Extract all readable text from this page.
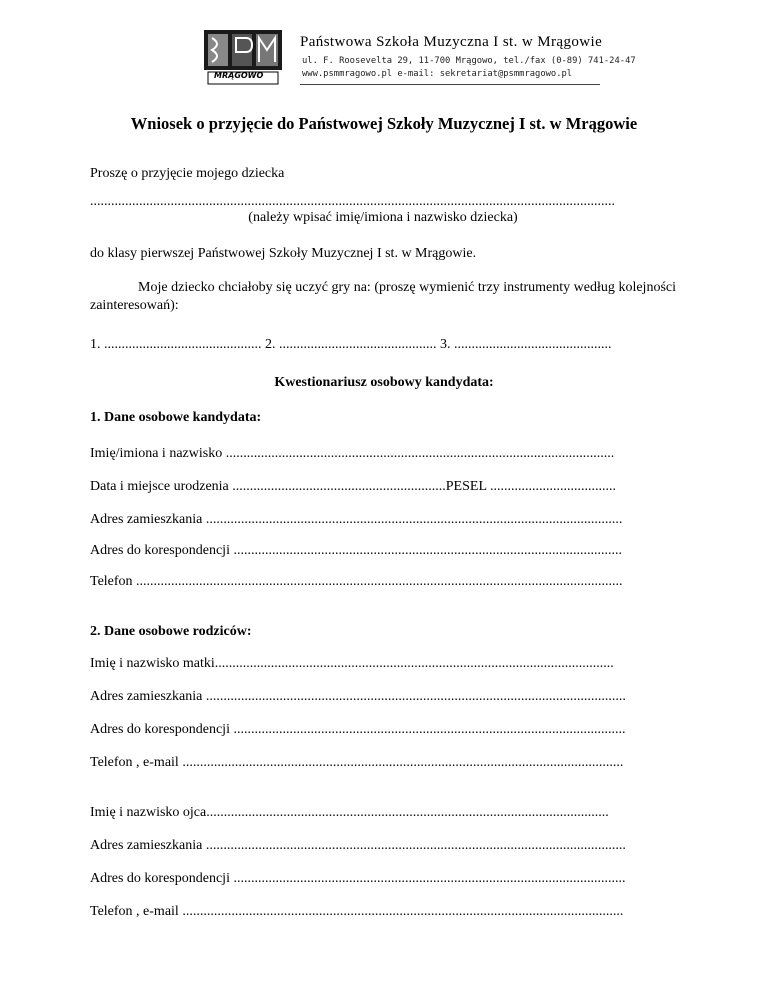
MRĄGOWO
Państwowa Szkoła Muzyczna I st. w Mrągowie
ul. F. Roosevelta 29, 11-700 Mrągowo, tel./fax (0-89) 741-24-47
www.psmmragowo.pl e-mail: sekretariat@psmmragowo.pl
Wniosek o przyjęcie do Państwowej Szkoły Muzycznej I st. w Mrągowie
Proszę o przyjęcie mojego dziecka
......................................................................................................................................................
(należy wpisać imię/imiona i nazwisko dziecka)
do klasy pierwszej Państwowej Szkoły Muzycznej I st. w Mrągowie.
Moje dziecko chciałoby się uczyć gry na: (proszę wymienić trzy instrumenty według kolejności zainteresowań):
1. ............................................. 2. ............................................. 3. .............................................
Kwestionariusz osobowy kandydata:
1. Dane osobowe kandydata:
Imię/imiona i nazwisko ...............................................................................................................
Data i miejsce urodzenia .............................................................PESEL ....................................
Adres zamieszkania .......................................................................................................................
Adres do korespondencji ...............................................................................................................
Telefon ...........................................................................................................................................
2. Dane osobowe rodziców:
Imię i nazwisko matki..................................................................................................................
Adres zamieszkania ........................................................................................................................
Adres do korespondencji ................................................................................................................
Telefon , e-mail ..............................................................................................................................
Imię i nazwisko ojca...................................................................................................................
Adres zamieszkania ........................................................................................................................
Adres do korespondencji ................................................................................................................
Telefon , e-mail ..............................................................................................................................
